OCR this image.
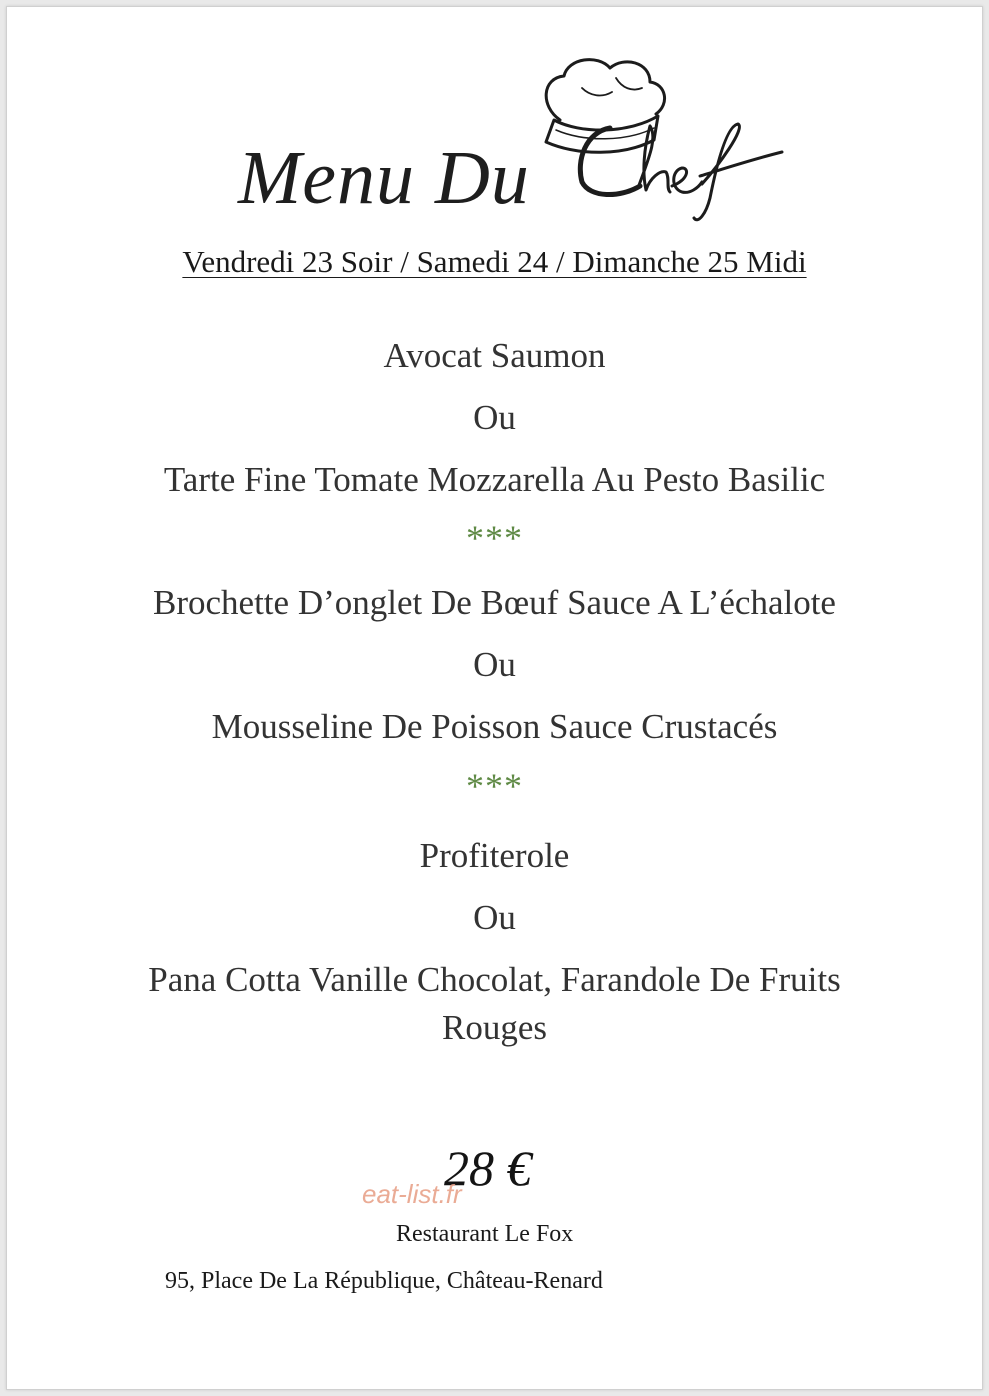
Menu Du
Vendredi 23 Soir / Samedi 24 / Dimanche 25 Midi
Avocat Saumon
Ou
Tarte Fine Tomate Mozzarella Au Pesto Basilic
***
Brochette D’onglet De Bœuf Sauce A L’échalote
Ou
Mousseline De Poisson Sauce Crustacés
***
Profiterole
Ou
Pana Cotta Vanille Chocolat, Farandole De Fruits
Rouges
28 €
eat-list.fr
Restaurant Le Fox
95, Place De La République, Château-Renard
